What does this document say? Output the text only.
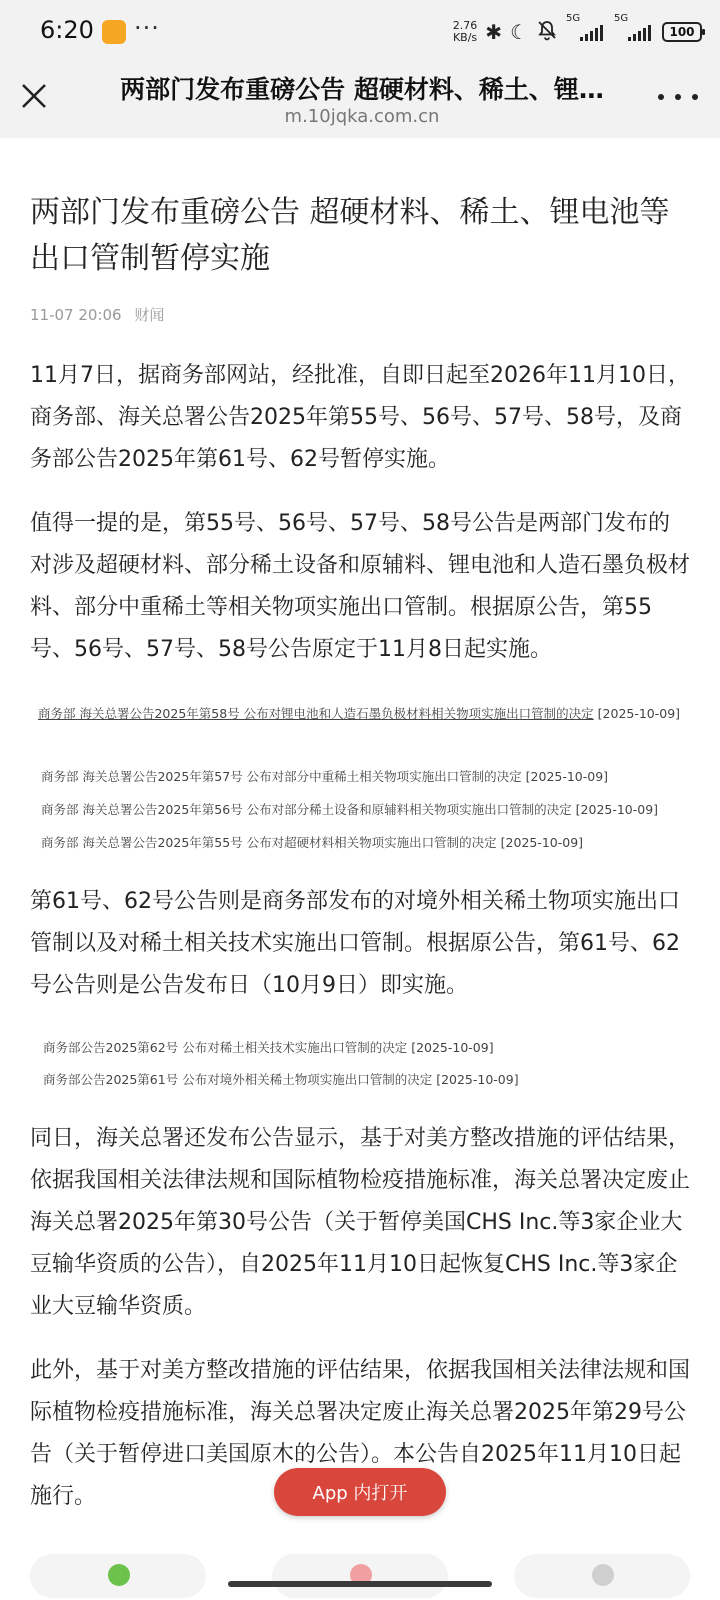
6:20 ···	2.76
KB/s ✱ ☾
5G	5G
100
两部门发布重磅公告 超硬材料、稀土、锂…
m.10jqka.com.cn
两部门发布重磅公告 超硬材料、稀土、锂电池等出口管制暂停实施
11-07 20:06 财闻

11月7日，据商务部网站，经批准，自即日起至2026年11月10日，商务部、海关总署公告2025年第55号、56号、57号、58号，及商务部公告2025年第61号、62号暂停实施。

值得一提的是，第55号、56号、57号、58号公告是两部门发布的对涉及超硬材料、部分稀土设备和原辅料、锂电池和人造石墨负极材料、部分中重稀土等相关物项实施出口管制。根据原公告，第55号、56号、57号、58号公告原定于11月8日起实施。

商务部 海关总署公告2025年第58号 公布对锂电池和人造石墨负极材料相关物项实施出口管制的决定 [2025-10-09]
商务部 海关总署公告2025年第57号 公布对部分中重稀土相关物项实施出口管制的决定 [2025-10-09]
商务部 海关总署公告2025年第56号 公布对部分稀土设备和原辅料相关物项实施出口管制的决定 [2025-10-09]
商务部 海关总署公告2025年第55号 公布对超硬材料相关物项实施出口管制的决定 [2025-10-09]

第61号、62号公告则是商务部发布的对境外相关稀土物项实施出口管制以及对稀土相关技术实施出口管制。根据原公告，第61号、62号公告则是公告发布日（10月9日）即实施。

商务部公告2025第62号 公布对稀土相关技术实施出口管制的决定 [2025-10-09]
商务部公告2025第61号 公布对境外相关稀土物项实施出口管制的决定 [2025-10-09]

同日，海关总署还发布公告显示，基于对美方整改措施的评估结果，依据我国相关法律法规和国际植物检疫措施标准，海关总署决定废止海关总署2025年第30号公告（关于暂停美国CHS Inc.等3家企业大豆输华资质的公告），自2025年11月10日起恢复CHS Inc.等3家企业大豆输华资质。

此外，基于对美方整改措施的评估结果，依据我国相关法律法规和国际植物检疫措施标准，海关总署决定废止海关总署2025年第29号公告（关于暂停进口美国原木的公告）。本公告自2025年11月10日起施行。	App 内打开
